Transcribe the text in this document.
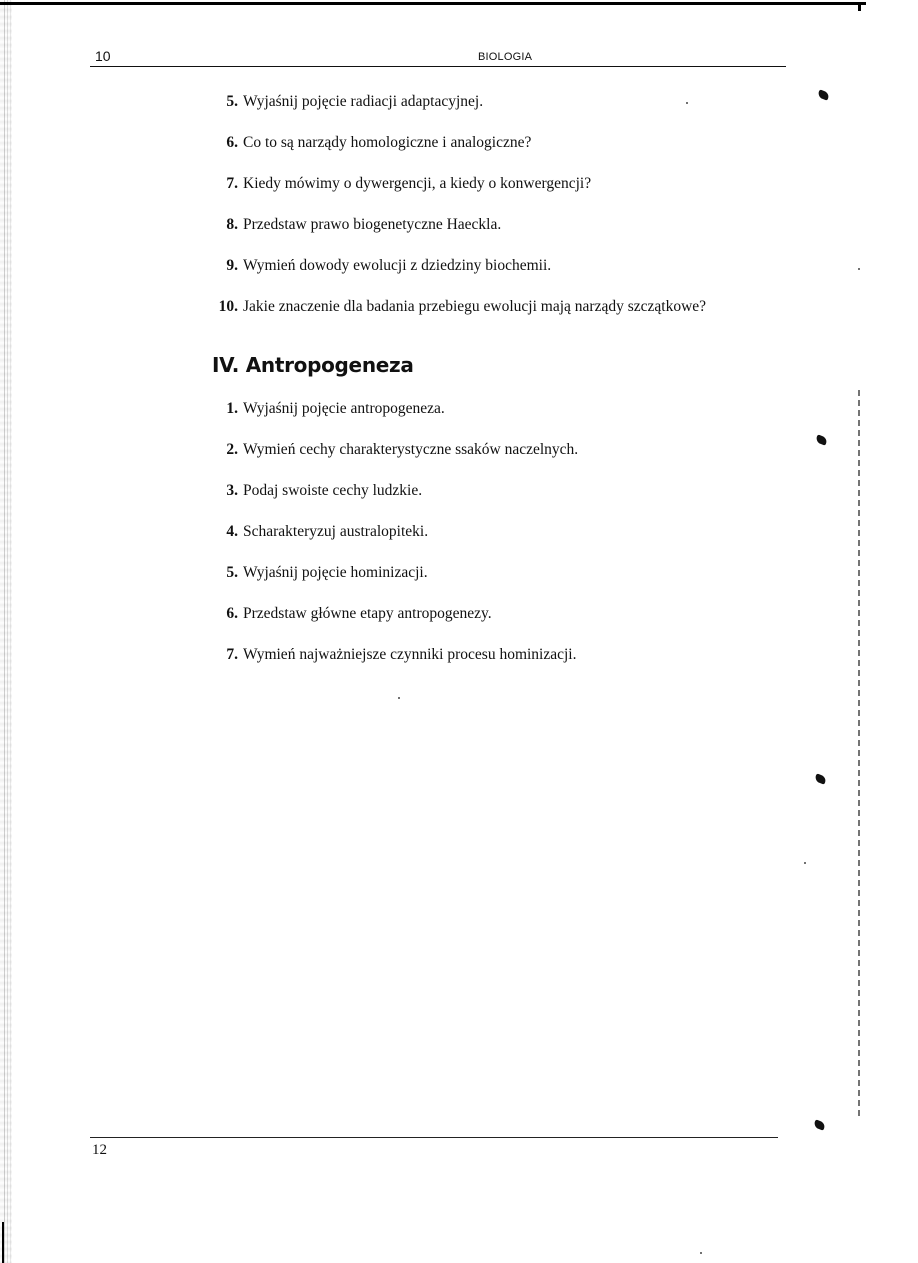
10	BIOLOGIA
5. Wyjaśnij pojęcie radiacji adaptacyjnej.
6. Co to są narządy homologiczne i analogiczne?
7. Kiedy mówimy o dywergencji, a kiedy o konwergencji?
8. Przedstaw prawo biogenetyczne Haeckla.
9. Wymień dowody ewolucji z dziedziny biochemii.
10. Jakie znaczenie dla badania przebiegu ewolucji mają narządy szczątkowe?
IV. Antropogeneza
1. Wyjaśnij pojęcie antropogeneza.
2. Wymień cechy charakterystyczne ssaków naczelnych.
3. Podaj swoiste cechy ludzkie.
4. Scharakteryzuj australopiteki.
5. Wyjaśnij pojęcie hominizacji.
6. Przedstaw główne etapy antropogenezy.
7. Wymień najważniejsze czynniki procesu hominizacji.
12
